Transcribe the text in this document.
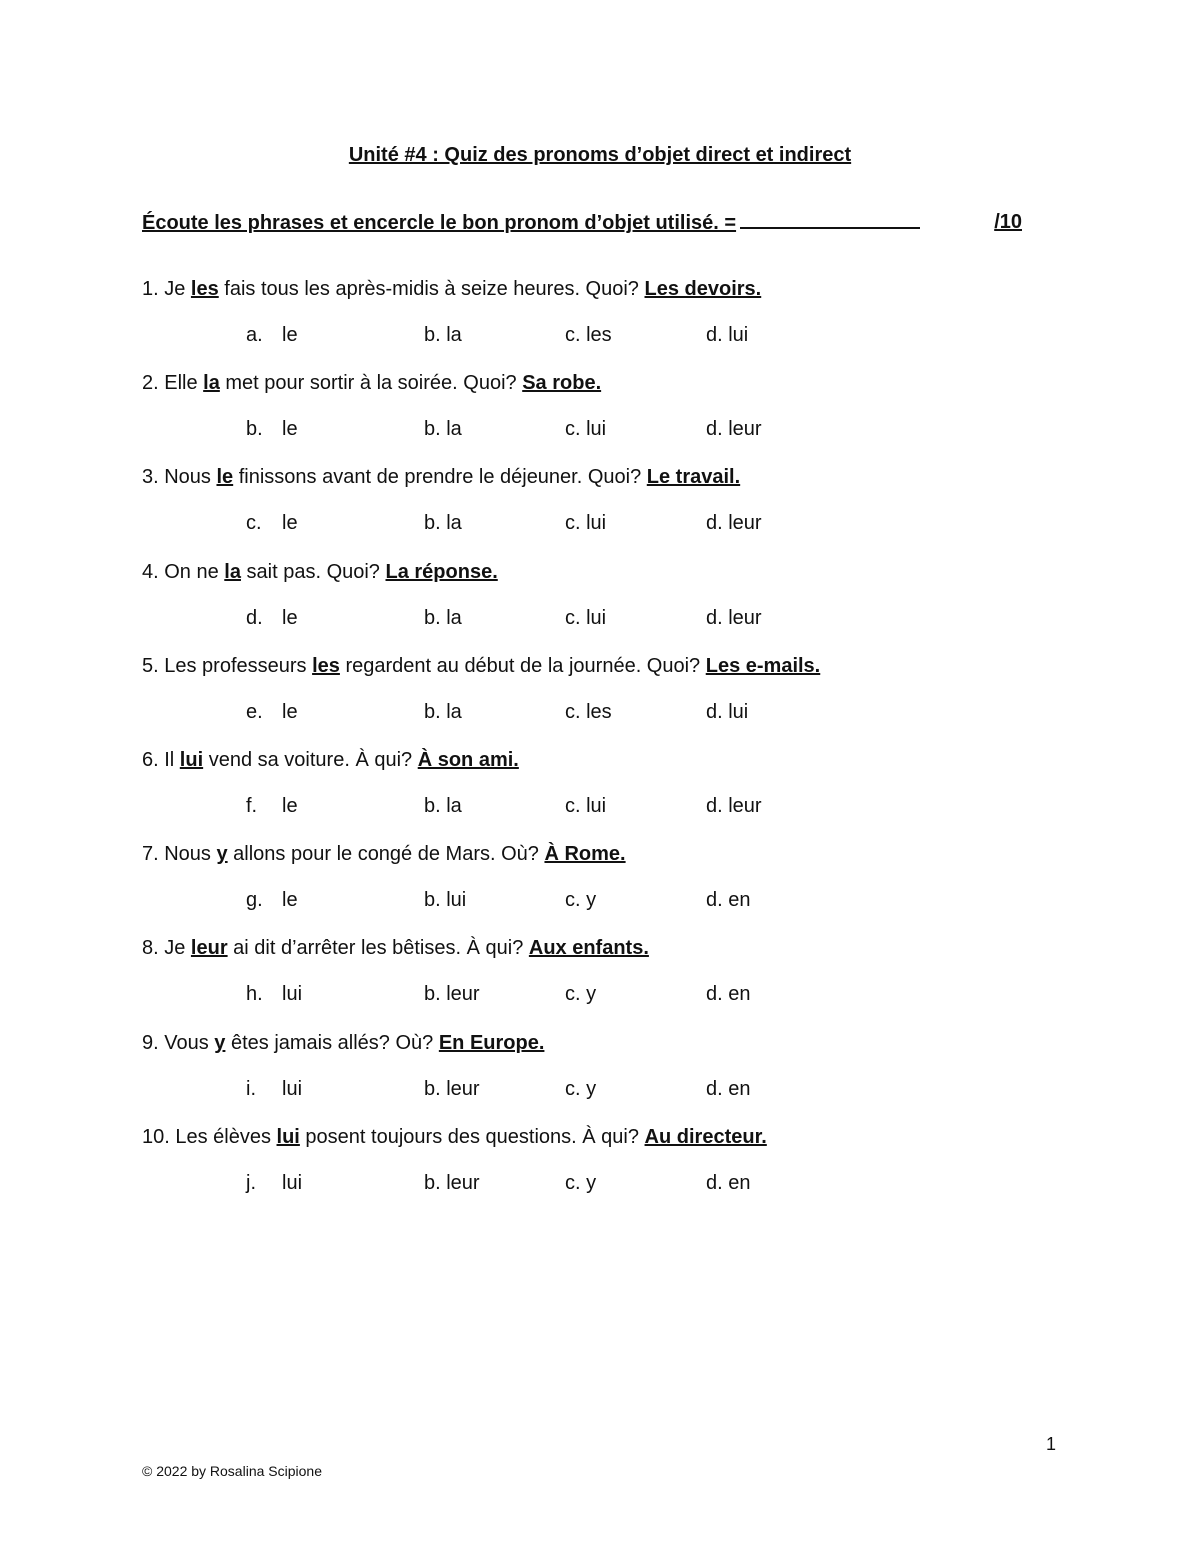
Unité #4 : Quiz des pronoms d’objet direct et indirect
Écoute les phrases et encercle le bon pronom d’objet utilisé. =	/10
1. Je les fais tous les après-midis à seize heures. Quoi? Les devoirs.
a. le	b. la	c. les	d. lui
2. Elle la met pour sortir à la soirée. Quoi? Sa robe.
b. le	b. la	c. lui	d. leur
3. Nous le finissons avant de prendre le déjeuner. Quoi? Le travail.
c. le	b. la	c. lui	d. leur
4. On ne la sait pas. Quoi? La réponse.
d. le	b. la	c. lui	d. leur
5. Les professeurs les regardent au début de la journée. Quoi? Les e-mails.
e. le	b. la	c. les	d. lui
6. Il lui vend sa voiture. À qui? À son ami.
f. le	b. la	c. lui	d. leur
7. Nous y allons pour le congé de Mars. Où? À Rome.
g. le	b. lui	c. y	d. en
8. Je leur ai dit d’arrêter les bêtises. À qui? Aux enfants.
h. lui	b. leur	c. y	d. en
9. Vous y êtes jamais allés? Où? En Europe.
i. lui	b. leur	c. y	d. en
10. Les élèves lui posent toujours des questions. À qui? Au directeur.
j. lui	b. leur	c. y	d. en
1
© 2022 by Rosalina Scipione
